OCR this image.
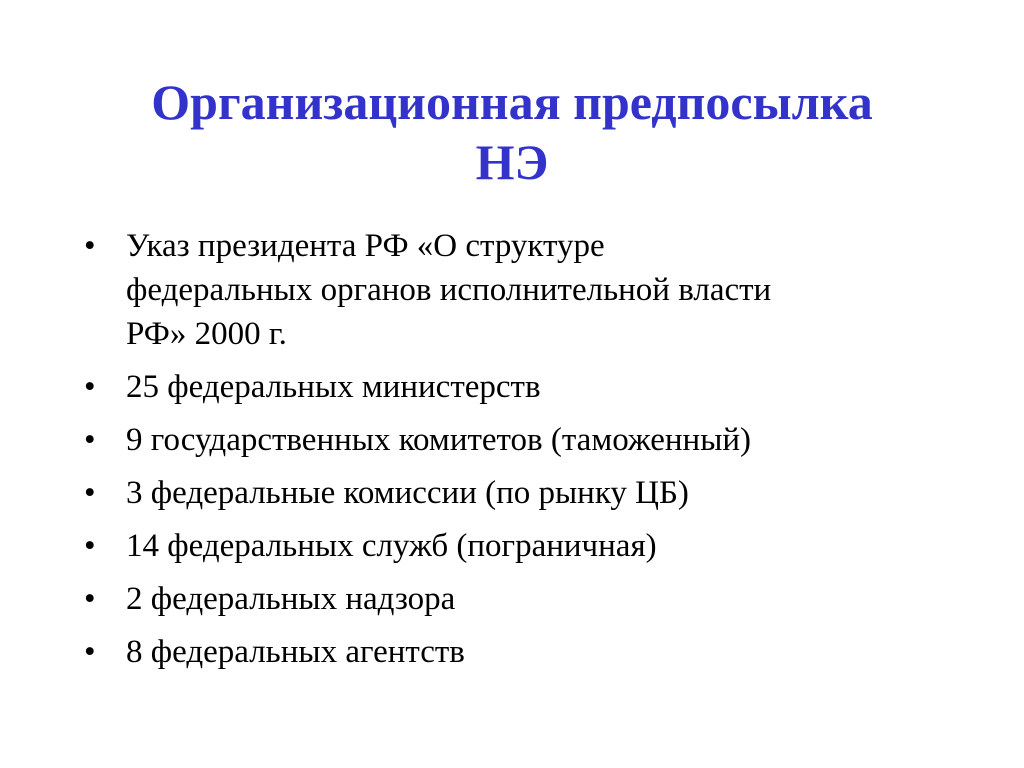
Организационная предпосылка
НЭ
• Указ президента РФ «О структуре
федеральных органов исполнительной власти
РФ» 2000 г.
• 25 федеральных министерств
• 9 государственных комитетов (таможенный)
• 3 федеральные комиссии (по рынку ЦБ)
• 14 федеральных служб (пограничная)
• 2 федеральных надзора
• 8 федеральных агентств
